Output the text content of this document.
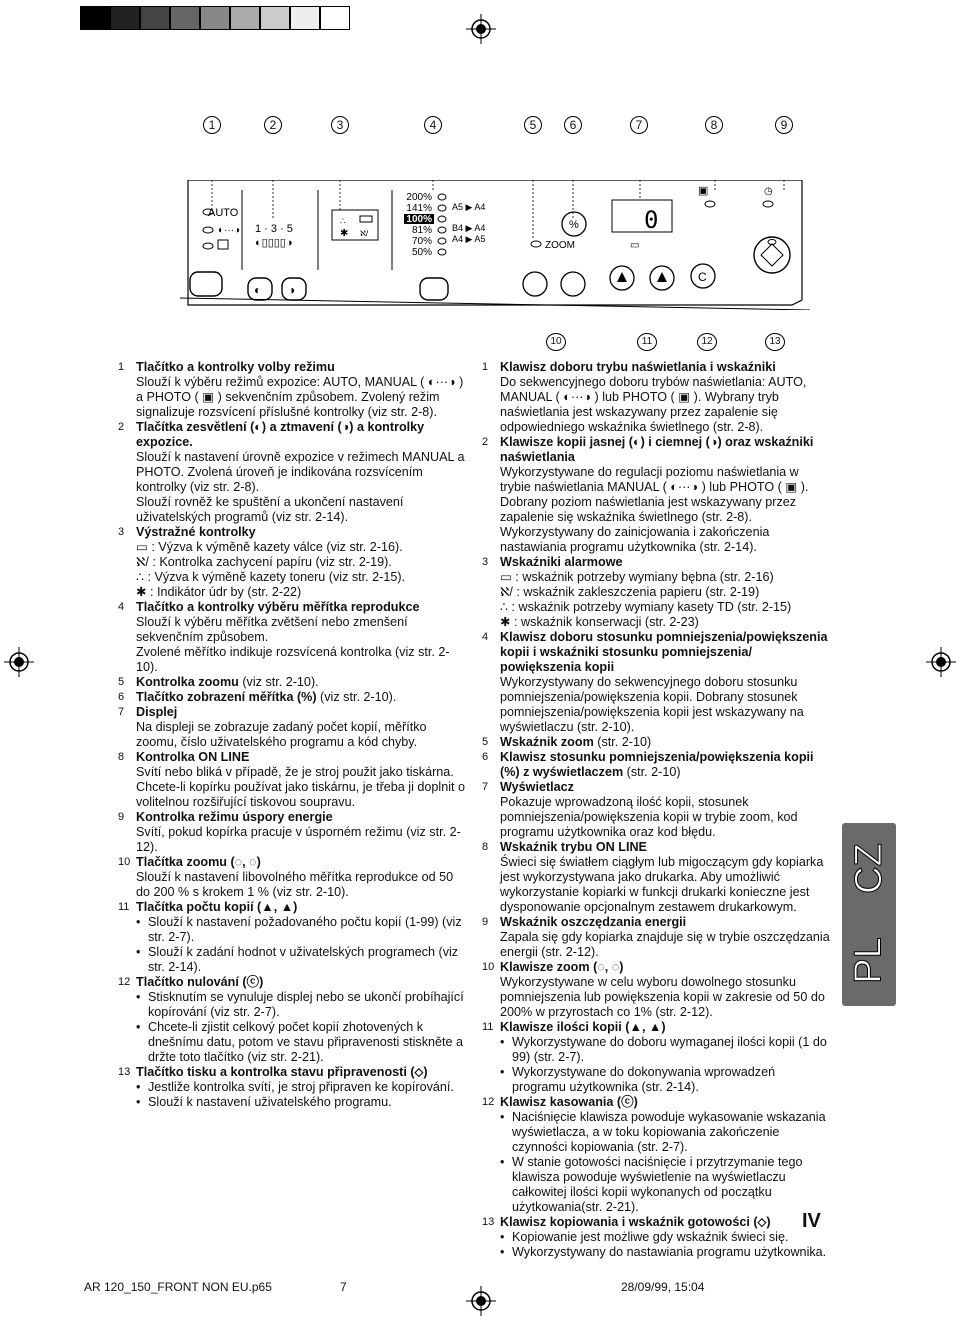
1	2	3	4	5	6	7	8	9
AUTO
◐···◑ 1 · 3 · 5
◐▯▯▯▯◑
◐ ◑
∴
✱ ℵ/
200%
141%
100%
81%
70%
50%
A5 ▶ A4
B4 ▶ A4
A4 ▶ A5
ZOOM
%	0
▭
▣	◷
C
10	11	12	13
1 Tlačítko a kontrolky volby režimu

Slouží k výběru režimů expozice: AUTO, MANUAL ( ◐···◑ ) a PHOTO ( ▣ ) sekvenčním způsobem. Zvolený režim signalizuje rozsvícení příslušné kontrolky (viz str. 2-8).

2 Tlačítka zesvětlení (◐) a ztmavení (◑) a kontrolky expozice.

Slouží k nastavení úrovně expozice v režimech MANUAL a PHOTO. Zvolená úroveň je indikována rozsvícením kontrolky (viz str. 2-8).

Slouží rovněž ke spuštění a ukončení nastavení uživatelských programů (viz str. 2-14).

3 Výstražné kontrolky

▭ : Výzva k výměně kazety válce (viz str. 2-16).

ℵ/ : Kontrolka zachycení papíru (viz str. 2-19).

∴ : Výzva k výměně kazety toneru (viz str. 2-15).

✱ : Indikátor údr by (str. 2-22)

4 Tlačítko a kontrolky výběru měřítka reprodukce

Slouží k výběru měřítka zvětšení nebo zmenšení sekvenčním způsobem.

Zvolené měřítko indikuje rozsvícená kontrolka (viz str. 2-10).

5 Kontrolka zoomu (viz str. 2-10).

6 Tlačítko zobrazení měřítka (%) (viz str. 2-10).

7 Displej

Na displeji se zobrazuje zadaný počet kopií, měřítko zoomu, číslo uživatelského programu a kód chyby.

8 Kontrolka ON LINE

Svítí nebo bliká v případě, že je stroj použit jako tiskárna. Chcete-li kopírku používat jako tiskárnu, je třeba ji doplnit o volitelnou rozšiřující tiskovou soupravu.

9 Kontrolka režimu úspory energie

Svítí, pokud kopírka pracuje v úsporném režimu (viz str. 2-12).

10 Tlačítka zoomu (◌, ◌)

Slouží k nastavení libovolného měřítka reprodukce od 50 do 200 % s krokem 1 % (viz str. 2-10).

11 Tlačítka počtu kopií (▲, ▲)

• Slouží k nastavení požadovaného počtu kopií (1-99) (viz str. 2-7).
• Slouží k zadání hodnot v uživatelských programech (viz str. 2-14).
12 Tlačítko nulování (ⓒ)

• Stisknutím se vynuluje displej nebo se ukončí probíhající kopírování (viz str. 2-7).
• Chcete-li zjistit celkový počet kopií zhotovených k dnešnímu datu, potom ve stavu připravenosti stiskněte a držte toto tlačítko (viz str. 2-21).
13 Tlačítko tisku a kontrolka stavu připravenosti (⬦)

• Jestliže kontrolka svítí, je stroj připraven ke kopírování.
• Slouží k nastavení uživatelského programu.
1 Klawisz doboru trybu naświetlania i wskaźniki

Do sekwencyjnego doboru trybów naświetlania: AUTO, MANUAL ( ◐···◑ ) lub PHOTO ( ▣ ). Wybrany tryb naświetlania jest wskazywany przez zapalenie się odpowiedniego wskaźnika świetlnego (str. 2-8).

2 Klawisze kopii jasnej (◐) i ciemnej (◑) oraz wskaźniki naświetlania

Wykorzystywane do regulacji poziomu naświetlania w trybie naświetlania MANUAL ( ◐···◑ ) lub PHOTO ( ▣ ). Dobrany poziom naświetlania jest wskazywany przez zapalenie się wskaźnika świetlnego (str. 2-8). Wykorzystywany do zainicjowania i zakończenia nastawiania programu użytkownika (str. 2-14).

3 Wskaźniki alarmowe

▭ : wskaźnik potrzeby wymiany bębna (str. 2-16)

ℵ/ : wskaźnik zakleszczenia papieru (str. 2-19)

∴ : wskaźnik potrzeby wymiany kasety TD (str. 2-15)

✱ : wskaźnik konserwacji (str. 2-23)

4 Klawisz doboru stosunku pomniejszenia/powiększenia kopii i wskaźniki stosunku pomniejszenia/ powiększenia kopii

Wykorzystywany do sekwencyjnego doboru stosunku pomniejszenia/powiększenia kopii. Dobrany stosunek pomniejszenia/powiększenia kopii jest wskazywany na wyświetlaczu (str. 2-10).

5 Wskaźnik zoom (str. 2-10)

6 Klawisz stosunku pomniejszenia/powiększenia kopii (%) z wyświetlaczem (str. 2-10)

7 Wyświetlacz

Pokazuje wprowadzoną ilość kopii, stosunek pomniejszenia/powiększenia kopii w trybie zoom, kod programu użytkownika oraz kod błędu.

8 Wskaźnik trybu ON LINE

Świeci się światłem ciągłym lub migoczącym gdy kopiarka jest wykorzystywana jako drukarka. Aby umożliwić wykorzystanie kopiarki w funkcji drukarki konieczne jest dysponowanie opcjonalnym zestawem drukarkowym.

9 Wskaźnik oszczędzania energii

Zapala się gdy kopiarka znajduje się w trybie oszczędzania energii (str. 2-12).

10 Klawisze zoom (◌, ◌)

Wykorzystywane w celu wyboru dowolnego stosunku pomniejszenia lub powiększenia kopii w zakresie od 50 do 200% w przyrostach co 1% (str. 2-12).

11 Klawisze ilości kopii (▲, ▲)

• Wykorzystywane do doboru wymaganej ilości kopii (1 do 99) (str. 2-7).
• Wykorzystywane do dokonywania wprowadzeń programu użytkownika (str. 2-14).
12 Klawisz kasowania (ⓒ)

• Naciśnięcie klawisza powoduje wykasowanie wskazania wyświetlacza, a w toku kopiowania zakończenie czynności kopiowania (str. 2-7).
• W stanie gotowości naciśnięcie i przytrzymanie tego klawisza powoduje wyświetlenie na wyświetlaczu całkowitej ilości kopii wykonanych od początku użytkowania(str. 2-21).
13 Klawisz kopiowania i wskaźnik gotowości (⬦)

• Kopiowanie jest możliwe gdy wskaźnik świeci się.
• Wykorzystywany do nastawiania programu użytkownika.
CZ
PL
IV
AR 120_150_FRONT NON EU.p65	7	28/09/99, 15:04
